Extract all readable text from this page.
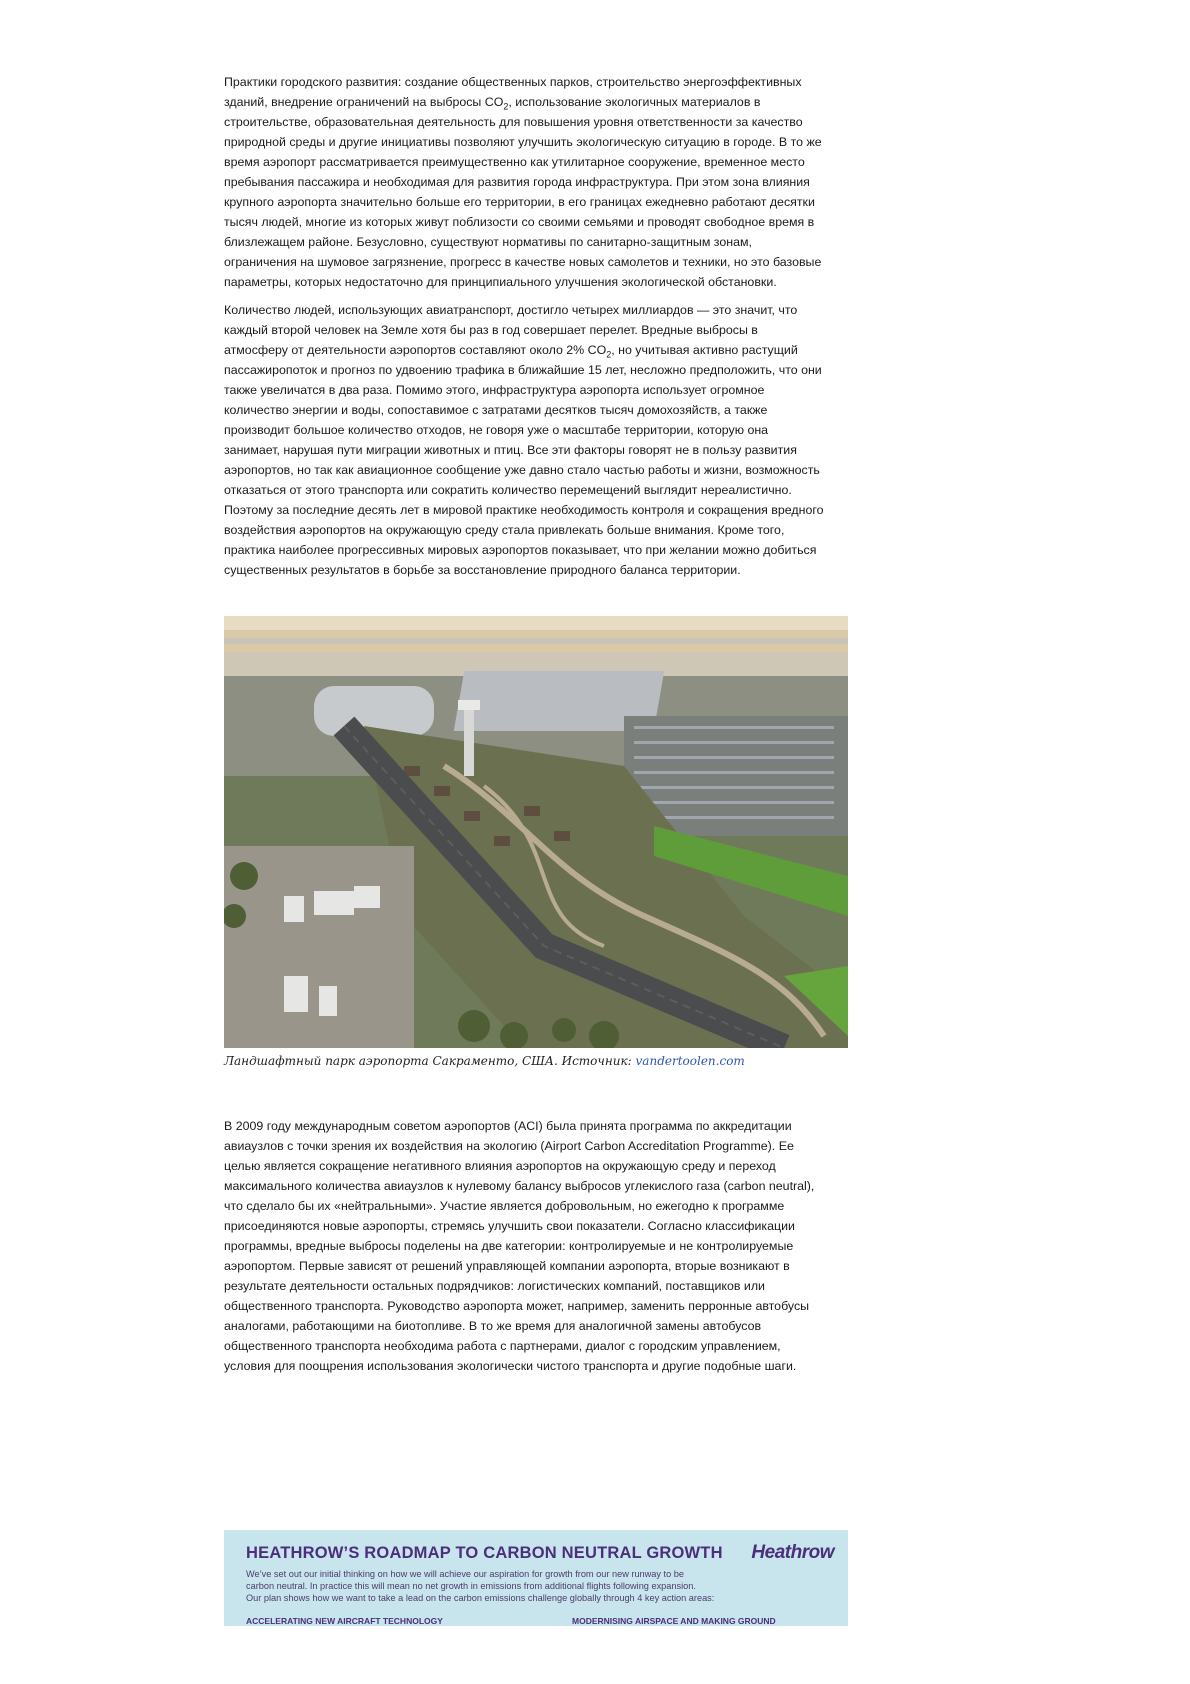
Практики городского развития: создание общественных парков, строительство энергоэффективных зданий, внедрение ограничений на выбросы $CO_2$, использование экологичных материалов в строительстве, образовательная деятельность для повышения уровня ответственности за качество природной среды и другие инициативы позволяют улучшить экологическую ситуацию в городе. В то же время аэропорт рассматривается преимущественно как утилитарное сооружение, временное место пребывания пассажира и необходимая для развития города инфраструктура. При этом зона влияния крупного аэропорта значительно больше его территории, в его границах ежедневно работают десятки тысяч людей, многие из которых живут поблизости со своими семьями и проводят свободное время в близлежащем районе. Безусловно, существуют нормативы по санитарно-защитным зонам, ограничения на шумовое загрязнение, прогресс в качестве новых самолетов и техники, но это базовые параметры, которых недостаточно для принципиального улучшения экологической обстановки.

Количество людей, использующих авиатранспорт, достигло четырех миллиардов — это значит, что каждый второй человек на Земле хотя бы раз в год совершает перелет. Вредные выбросы в атмосферу от деятельности аэропортов составляют около 2% $CO_2$, но учитывая активно растущий пассажиропоток и прогноз по удвоению трафика в ближайшие 15 лет, несложно предположить, что они также увеличатся в два раза. Помимо этого, инфраструктура аэропорта использует огромное количество энергии и воды, сопоставимое с затратами десятков тысяч домохозяйств, а также производит большое количество отходов, не говоря уже о масштабе территории, которую она занимает, нарушая пути миграции животных и птиц. Все эти факторы говорят не в пользу развития аэропортов, но так как авиационное сообщение уже давно стало частью работы и жизни, возможность отказаться от этого транспорта или сократить количество перемещений выглядит нереалистично. Поэтому за последние десять лет в мировой практике необходимость контроля и сокращения вредного воздействия аэропортов на окружающую среду стала привлекать больше внимания. Кроме того, практика наиболее прогрессивных мировых аэропортов показывает, что при желании можно добиться существенных результатов в борьбе за восстановление природного баланса территории.

Ландшафтный парк аэропорта Сакраменто, США. Источник: vandertoolen.com

В 2009 году международным советом аэропортов (ACI) была принята программа по аккредитации авиаузлов с точки зрения их воздействия на экологию (Airport Carbon Accreditation Programme). Ее целью является сокращение негативного влияния аэропортов на окружающую среду и переход максимального количества авиаузлов к нулевому балансу выбросов углекислого газа (carbon neutral), что сделало бы их «нейтральными». Участие является добровольным, но ежегодно к программе присоединяются новые аэропорты, стремясь улучшить свои показатели. Согласно классификации программы, вредные выбросы поделены на две категории: контролируемые и не контролируемые аэропортом. Первые зависят от решений управляющей компании аэропорта, вторые возникают в результате деятельности остальных подрядчиков: логистических компаний, поставщиков или общественного транспорта. Руководство аэропорта может, например, заменить перронные автобусы аналогами, работающими на биотопливе. В то же время для аналогичной замены автобусов общественного транспорта необходима работа с партнерами, диалог с городским управлением, условия для поощрения использования экологически чистого транспорта и другие подобные шаги.

HEATHROW’S ROADMAP TO CARBON NEUTRAL GROWTH Heathrow
We’ve set out our initial thinking on how we will achieve our aspiration for growth from our new runway to be
carbon neutral. In practice this will mean no net growth in emissions from additional flights following expansion.
Our plan shows how we want to take a lead on the carbon emissions challenge globally through 4 key action areas:
ACCELERATING NEW AIRCRAFT TECHNOLOGY	MODERNISING AIRSPACE AND MAKING GROUND
